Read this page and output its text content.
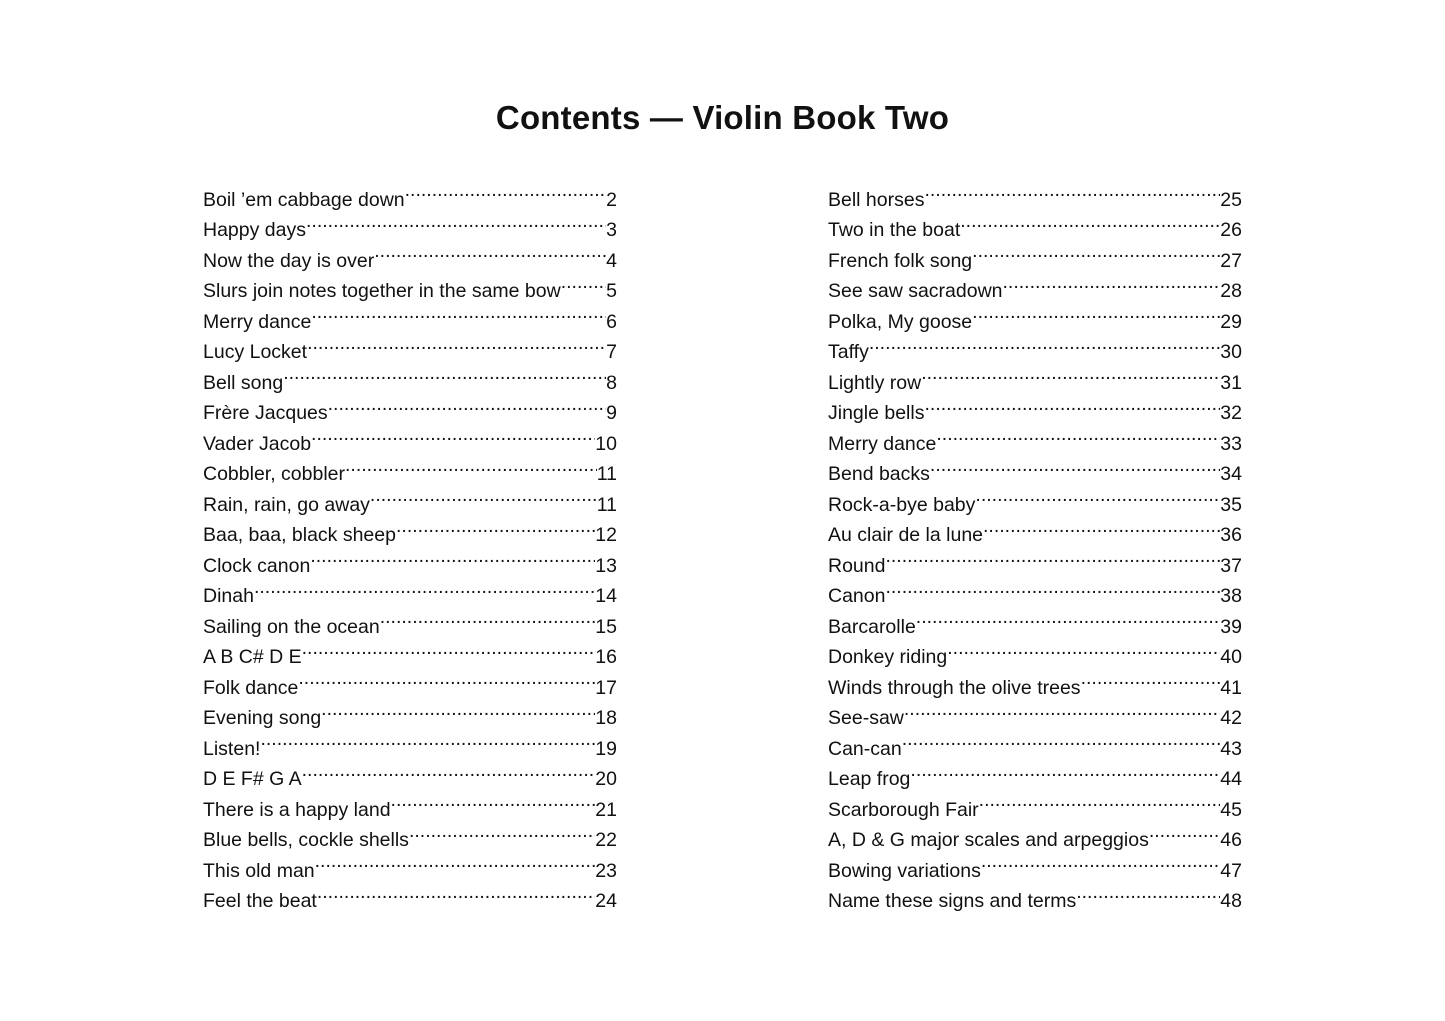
Contents — Violin Book Two
Boil ’em cabbage down .....	2
Happy days .....	3
Now the day is over .....	4
Slurs join notes together in the same bow ..... 5
Merry dance .....	6
Lucy Locket .....	7
Bell song .....	8
Frère Jacques .....	9
Vader Jacob .....	10
Cobbler, cobbler .....	11
Rain, rain, go away .....	11
Baa, baa, black sheep .....	12
Clock canon .....	13
Dinah .....	14
Sailing on the ocean .....	15
A B C# D E .....	16
Folk dance .....	17
Evening song .....	18
Listen! .....	19
D E F# G A .....	20
There is a happy land .....	21
Blue bells, cockle shells .....	22
This old man .....	23
Feel the beat .....	24
Bell horses .....	25
Two in the boat .....	26
French folk song .....	27
See saw sacradown .....	28
Polka, My goose .....	29
Taffy .....	30
Lightly row .....	31
Jingle bells .....	32
Merry dance .....	33
Bend backs .....	34
Rock-a-bye baby .....	35
Au clair de la lune .....	36
Round .....	37
Canon .....	38
Barcarolle .....	39
Donkey riding .....	40
Winds through the olive trees .....	41
See-saw .....	42
Can-can .....	43
Leap frog .....	44
Scarborough Fair .....	45
A, D & G major scales and arpeggios .....	46
Bowing variations .....	47
Name these signs and terms .....	48
